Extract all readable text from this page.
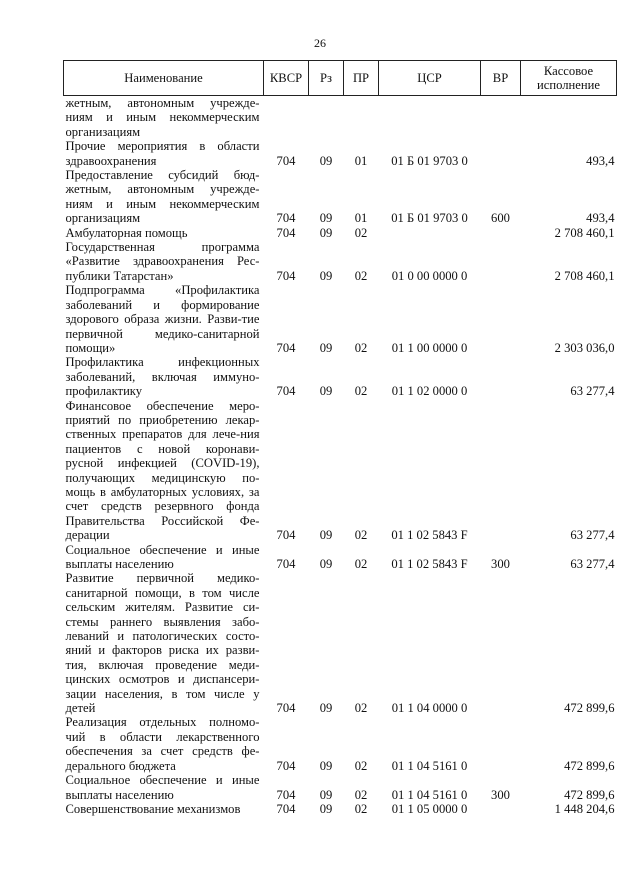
26
Наименование	КВСР	Рз	ПР	ЦСР	ВР	Кассовое исполнение
жетным, автономным учрежде-ниям и иным некоммерческим организациям						
Прочие мероприятия в области здравоохранения	704	09	01	01 Б 01 9703 0		493,4
Предоставление субсидий бюд-жетным, автономным учрежде-ниям и иным некоммерческим организациям	704	09	01	01 Б 01 9703 0	600	493,4
Амбулаторная помощь	704	09	02			2 708 460,1
Государственная программа «Развитие здравоохранения Рес-публики Татарстан»	704	09	02	01 0 00 0000 0		2 708 460,1
Подпрограмма «Профилактика заболеваний и формирование здорового образа жизни. Разви-тие первичной медико-санитарной помощи»	704	09	02	01 1 00 0000 0		2 303 036,0
Профилактика инфекционных заболеваний, включая иммуно-профилактику	704	09	02	01 1 02 0000 0		63 277,4
Финансовое обеспечение меро-приятий по приобретению лекар-ственных препаратов для лече-ния пациентов с новой коронави-русной инфекцией (COVID-19), получающих медицинскую по-мощь в амбулаторных условиях, за счет средств резервного фонда Правительства Российской Фе-дерации	704	09	02	01 1 02 5843 F		63 277,4
Социальное обеспечение и иные выплаты населению	704	09	02	01 1 02 5843 F	300	63 277,4
Развитие первичной медико-санитарной помощи, в том числе сельским жителям. Развитие си-стемы раннего выявления забо-леваний и патологических состо-яний и факторов риска их разви-тия, включая проведение меди-цинских осмотров и диспансери-зации населения, в том числе у детей	704	09	02	01 1 04 0000 0		472 899,6
Реализация отдельных полномо-чий в области лекарственного обеспечения за счет средств фе-дерального бюджета	704	09	02	01 1 04 5161 0		472 899,6
Социальное обеспечение и иные выплаты населению	704	09	02	01 1 04 5161 0	300	472 899,6
Совершенствование механизмов	704	09	02	01 1 05 0000 0		1 448 204,6
